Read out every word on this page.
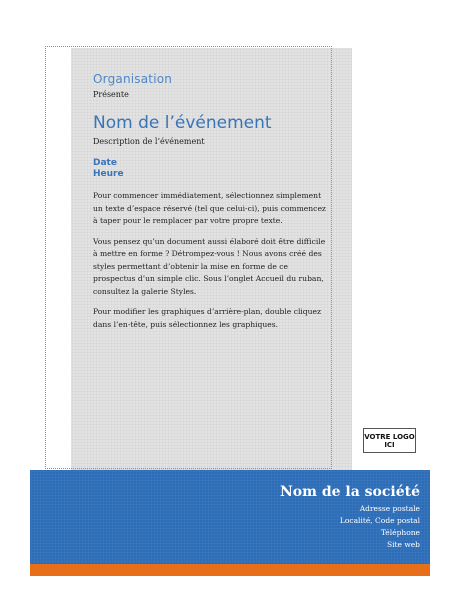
Organisation

Présente

Nom de l’événement

Description de l’événement

Date

Heure

Pour commencer immédiatement, sélectionnez simplement un texte d’espace réservé (tel que celui-ci), puis commencez à taper pour le remplacer par votre propre texte.

Vous pensez qu’un document aussi élaboré doit être difficile à mettre en forme ? Détrompez-vous ! Nous avons créé des styles permettant d’obtenir la mise en forme de ce prospectus d’un simple clic. Sous l’onglet Accueil du ruban, consultez la galerie Styles.

Pour modifier les graphiques d’arrière-plan, double cliquez dans l’en-tête, puis sélectionnez les graphiques.

VOTRE LOGO
ICI

Nom de la société

Adresse postale

Localité, Code postal

Téléphone

Site web
